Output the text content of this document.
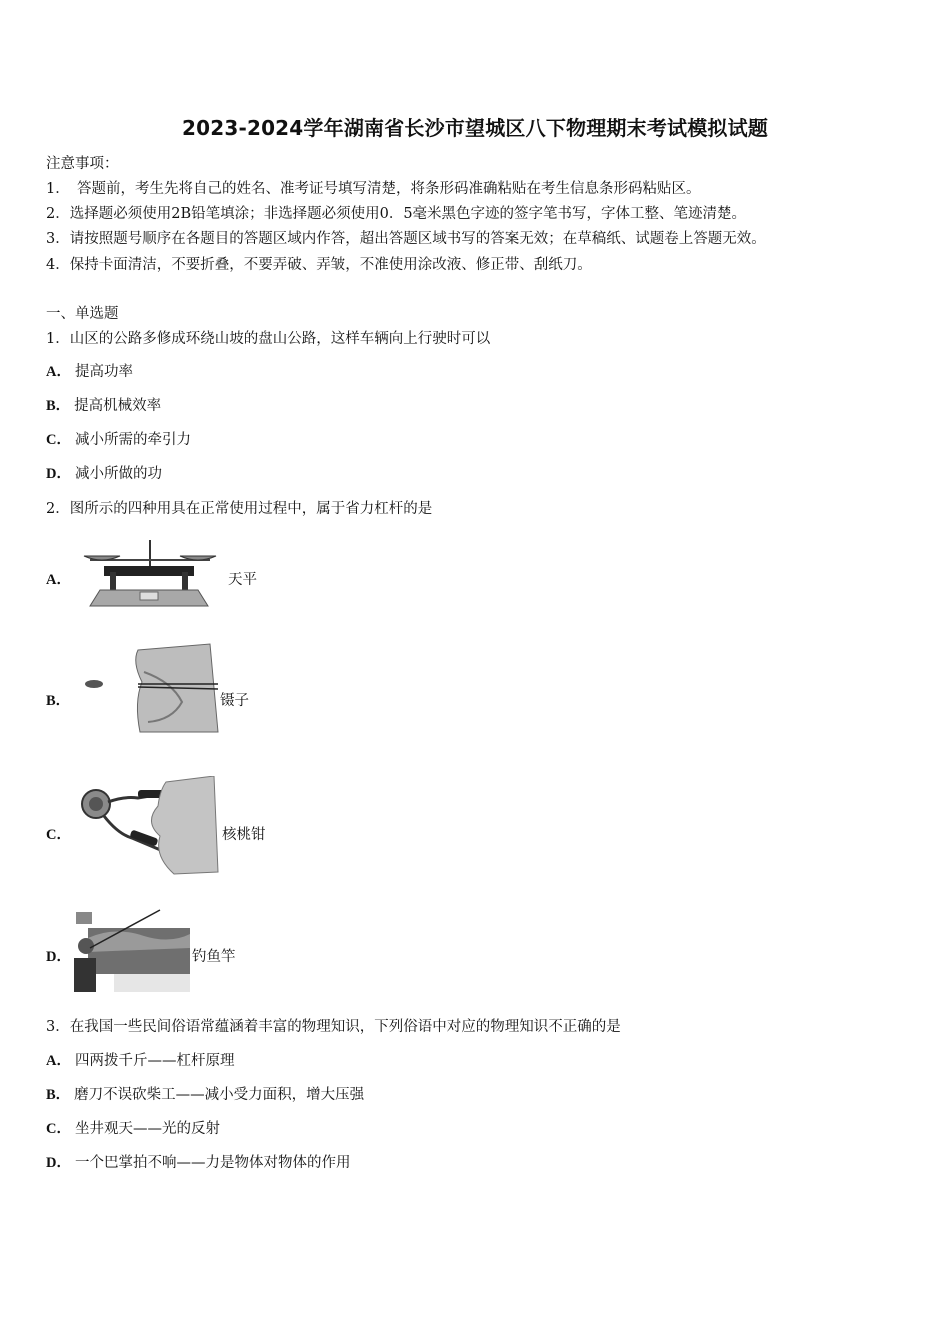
2023-2024学年湖南省长沙市望城区八下物理期末考试模拟试题
注意事项：
1．　答题前，考生先将自己的姓名、准考证号填写清楚，将条形码准确粘贴在考生信息条形码粘贴区。
2．选择题必须使用2B铅笔填涂；非选择题必须使用0．5毫米黑色字迹的签字笔书写，字体工整、笔迹清楚。
3．请按照题号顺序在各题目的答题区域内作答，超出答题区域书写的答案无效；在草稿纸、试题卷上答题无效。
4．保持卡面清洁，不要折叠，不要弄破、弄皱，不准使用涂改液、修正带、刮纸刀。
一、单选题
1．山区的公路多修成环绕山坡的盘山公路，这样车辆向上行驶时可以
A． 提高功率
B． 提高机械效率
C． 减小所需的牵引力
D． 减小所做的功
2．图所示的四种用具在正常使用过程中，属于省力杠杆的是
A．	天平
B．	镊子
C．	核桃钳
D．	钓鱼竿
3．在我国一些民间俗语常蕴涵着丰富的物理知识，下列俗语中对应的物理知识不正确的是
A． 四两拨千斤——杠杆原理
B． 磨刀不误砍柴工——减小受力面积，增大压强
C． 坐井观天——光的反射
D． 一个巴掌拍不响——力是物体对物体的作用
